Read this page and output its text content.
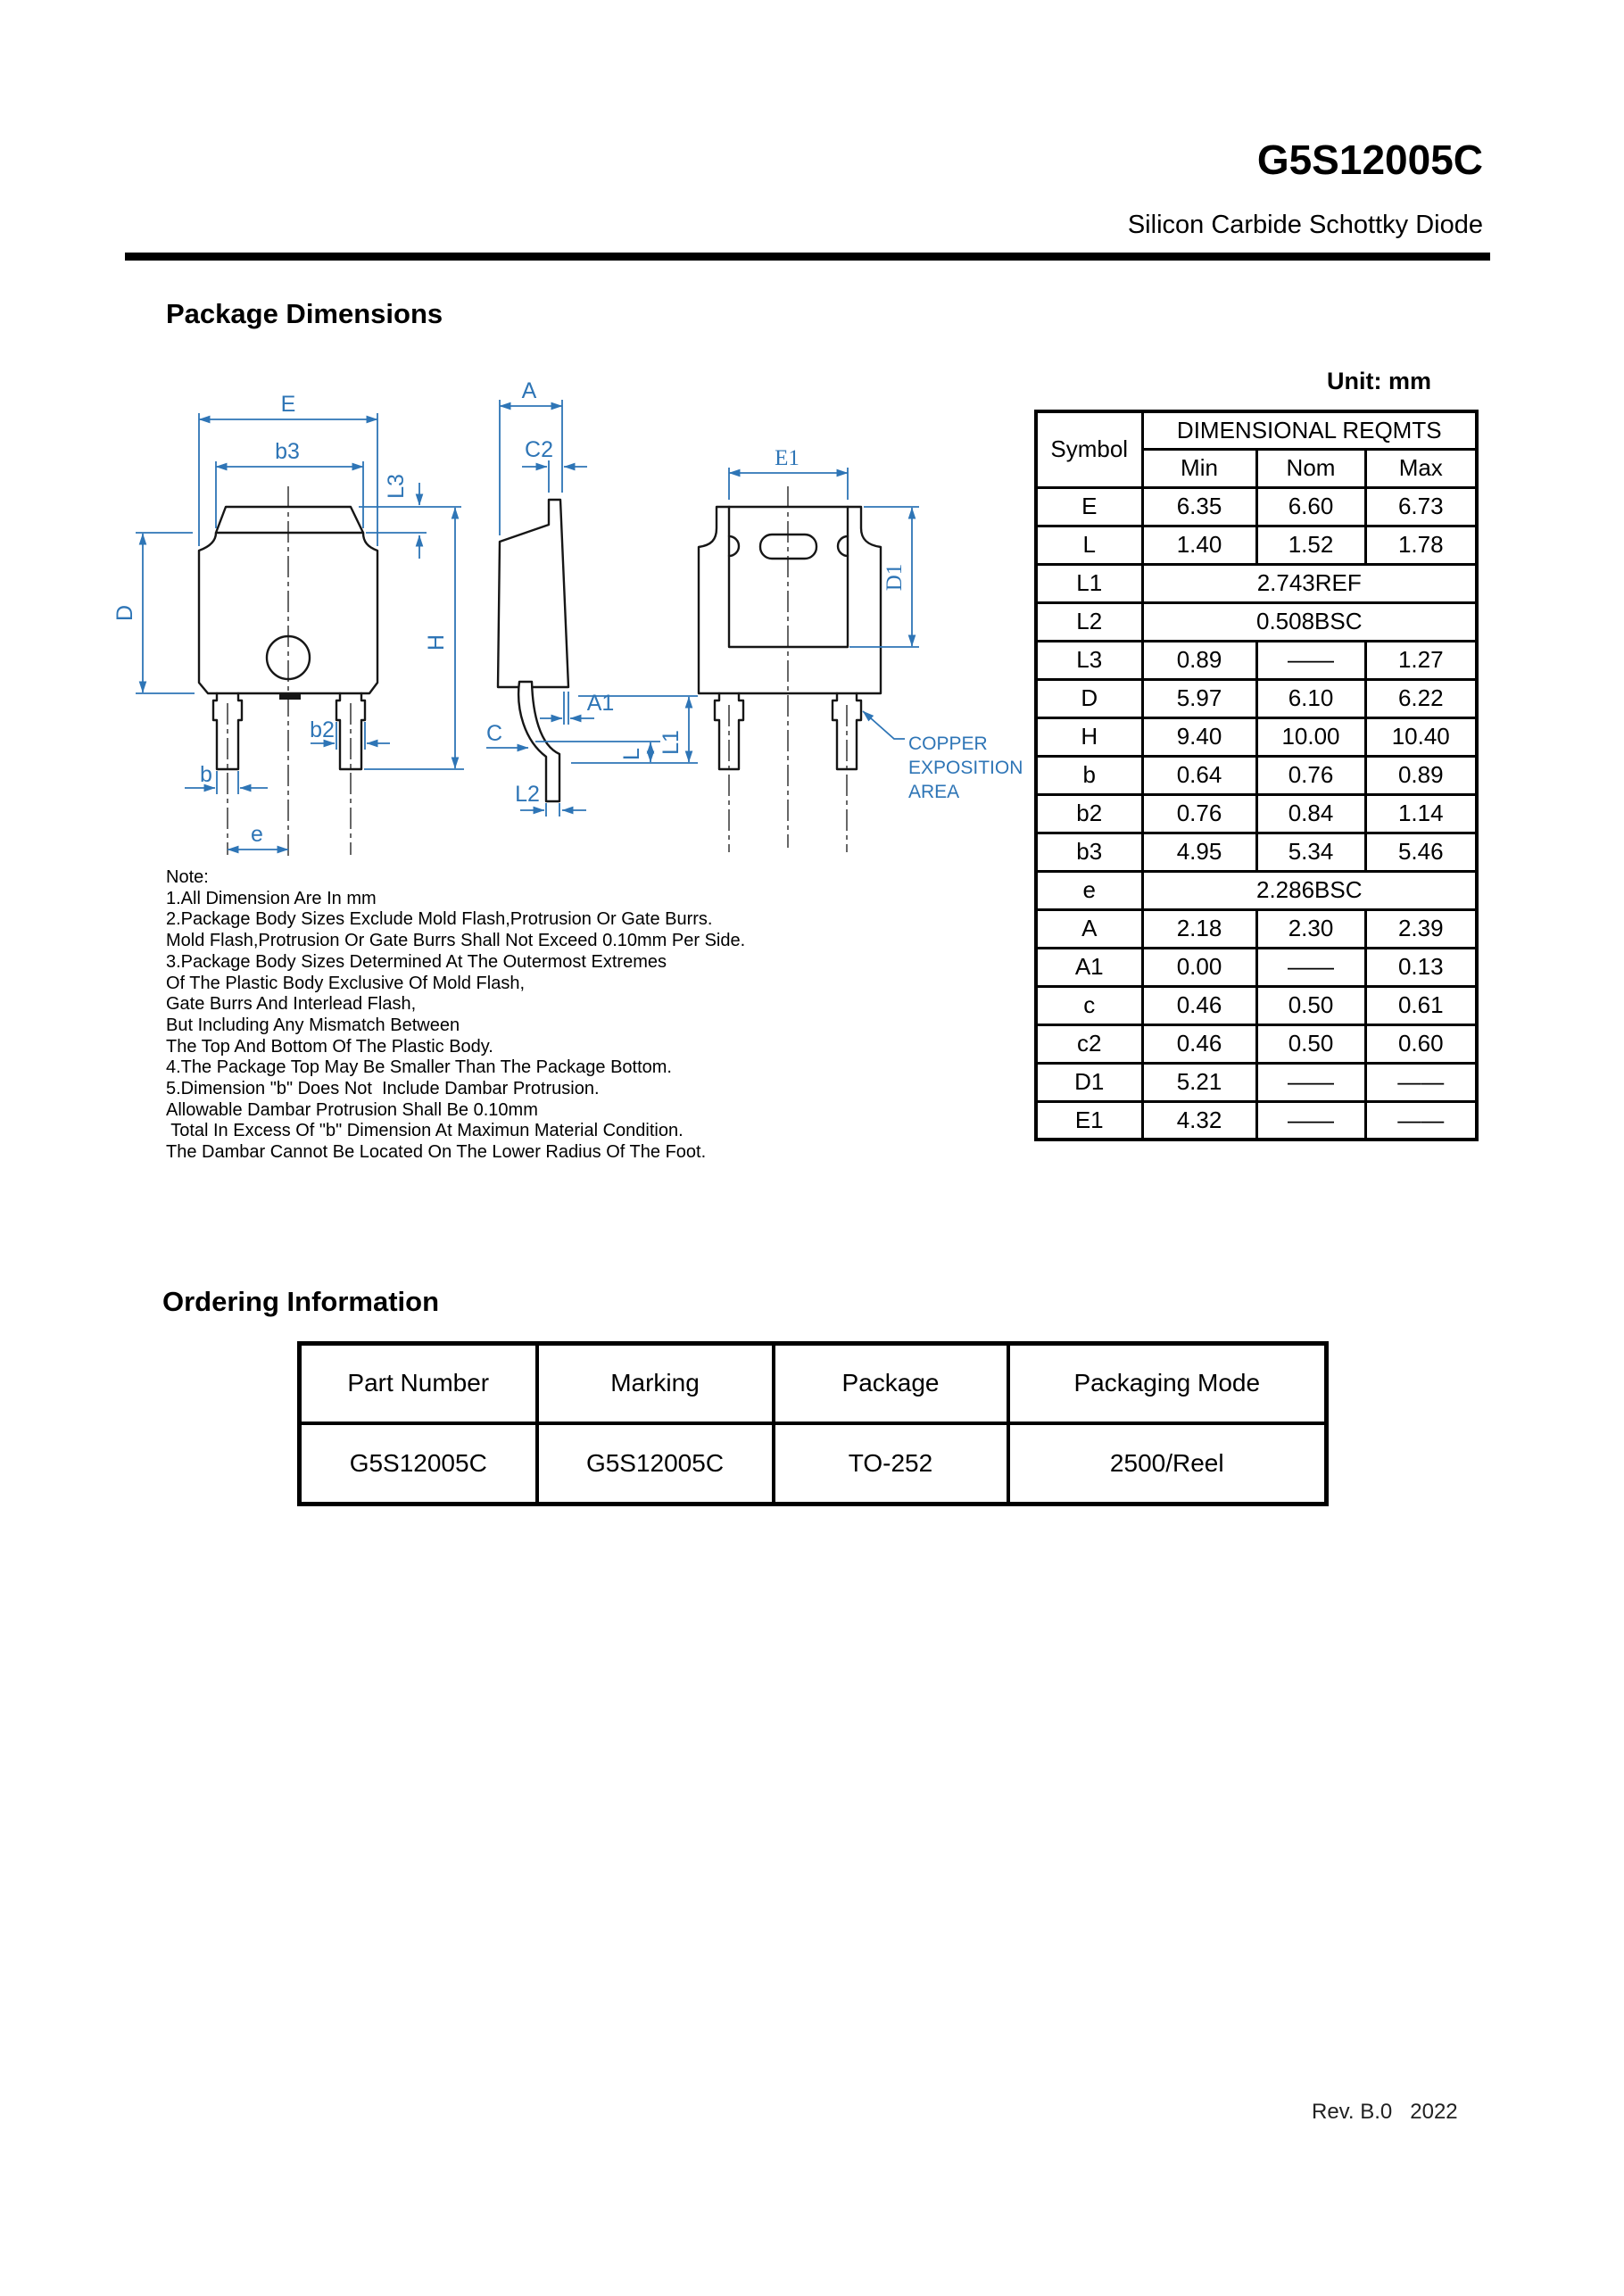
G5S12005C
Silicon Carbide Schottky Diode
Package Dimensions
Unit: mm
E
b3
L3
H
D
b2
b
e
A
C2
A1
L1
L
C
L2
E1
D1
COPPER
EXPOSITION
AREA
Symbol	DIMENSIONAL REQMTS		
	Min	Nom	Max
E	6.35	6.60	6.73
L	1.40	1.52	1.78
L1	2.743REF		
L2	0.508BSC		
L3	0.89	——	1.27
D	5.97	6.10	6.22
H	9.40	10.00	10.40
b	0.64	0.76	0.89
b2	0.76	0.84	1.14
b3	4.95	5.34	5.46
e	2.286BSC		
A	2.18	2.30	2.39
A1	0.00	——	0.13
c	0.46	0.50	0.61
c2	0.46	0.50	0.60
D1	5.21	——	——
E1	4.32	——	——
Note:
1.All Dimension Are In mm
2.Package Body Sizes Exclude Mold Flash,Protrusion Or Gate Burrs.
Mold Flash,Protrusion Or Gate Burrs Shall Not Exceed 0.10mm Per Side.
3.Package Body Sizes Determined At The Outermost Extremes
Of The Plastic Body Exclusive Of Mold Flash,
Gate Burrs And Interlead Flash,
But Including Any Mismatch Between
The Top And Bottom Of The Plastic Body.
4.The Package Top May Be Smaller Than The Package Bottom.
5.Dimension "b" Does Not  Include Dambar Protrusion.
Allowable Dambar Protrusion Shall Be 0.10mm
Total In Excess Of "b" Dimension At Maximun Material Condition.
The Dambar Cannot Be Located On The Lower Radius Of The Foot.
Ordering Information
Part Number	Marking	Package	Packaging Mode
G5S12005C	G5S12005C	TO-252	2500/Reel
Rev. B.0   2022
